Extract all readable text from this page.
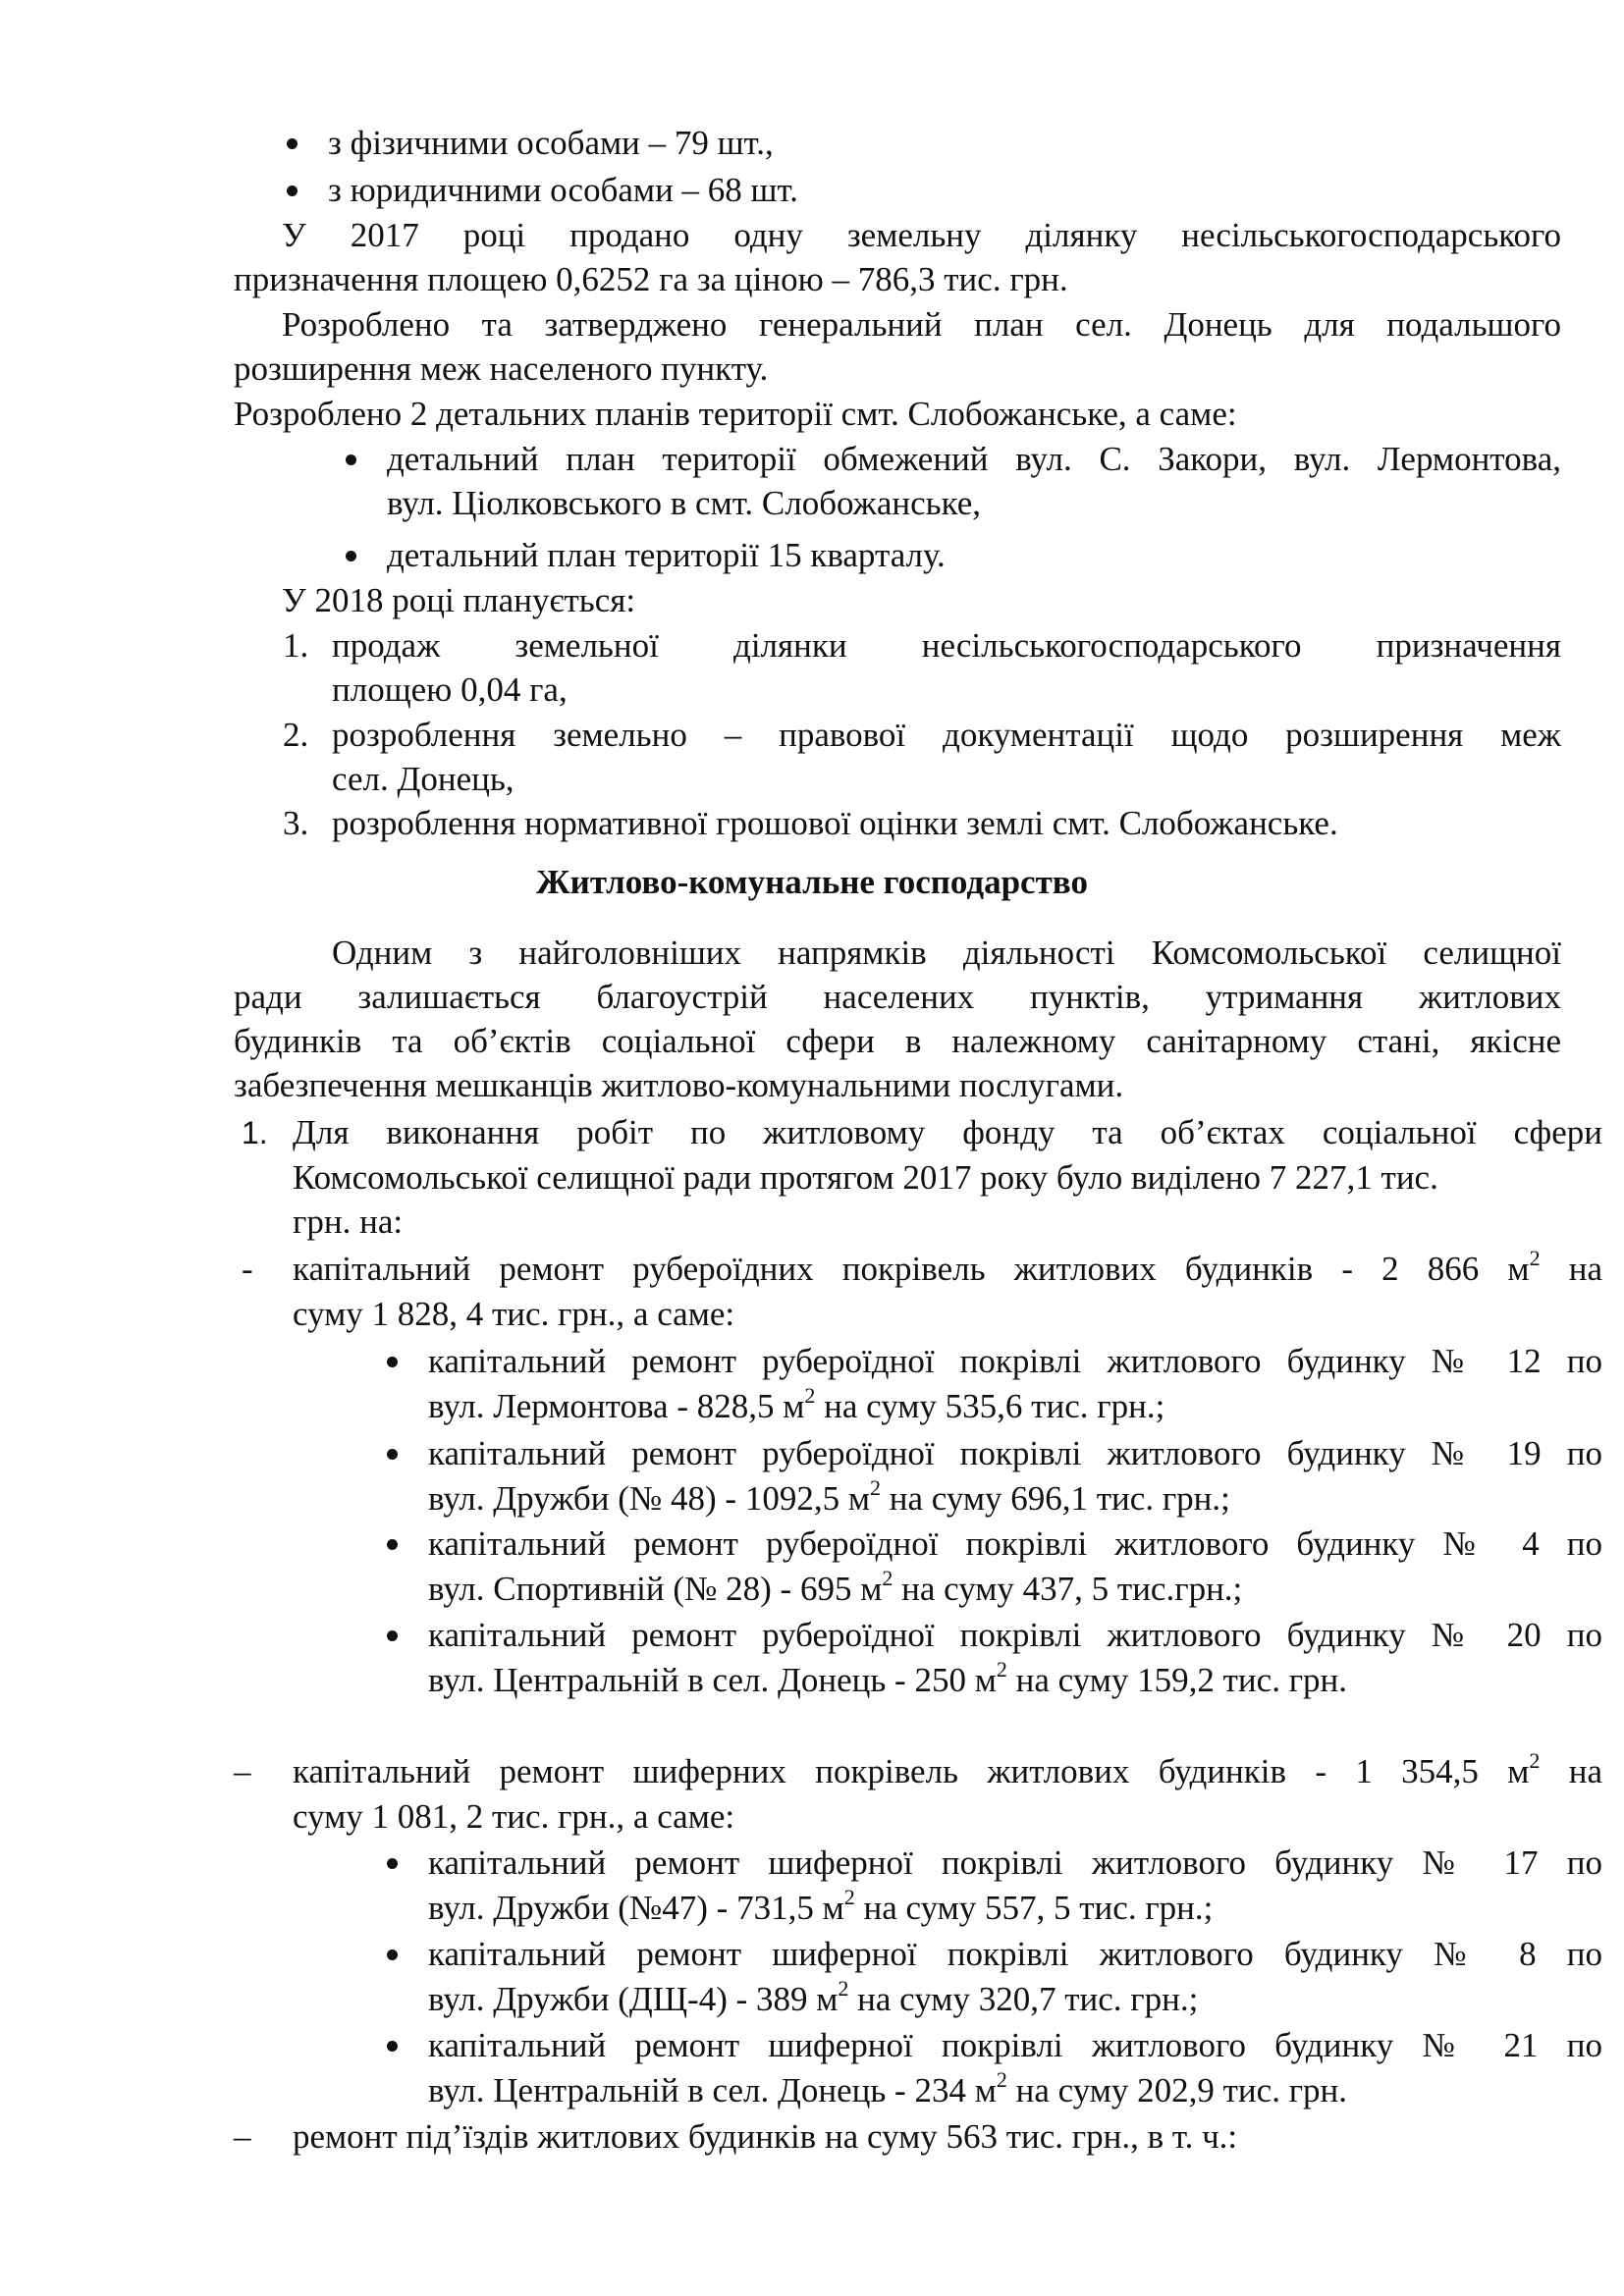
з фізичними особами – 79 шт.,
з юридичними особами – 68 шт.
У 2017 році продано одну земельну ділянку несільськогосподарського
призначення площею 0,6252 га за ціною – 786,3 тис. грн.
Розроблено та затверджено генеральний план сел. Донець для подальшого
розширення меж населеного пункту.
Розроблено 2 детальних планів території смт. Слобожанське, а саме:
детальний план території обмежений вул. С. Закори, вул. Лермонтова,
вул. Ціолковського в смт. Слобожанське,
детальний план території 15 кварталу.
У 2018 році планується:
1. продаж земельної ділянки несільськогосподарського призначення
площею 0,04 га,
2. розроблення земельно – правової документації щодо розширення меж
сел. Донець,
3. розроблення нормативної грошової оцінки землі смт. Слобожанське.
Житлово-комунальне господарство
Одним з найголовніших напрямків діяльності Комсомольської селищної
ради залишається благоустрій населених пунктів, утримання житлових
будинків та об’єктів соціальної сфери в належному санітарному стані, якісне
забезпечення мешканців житлово-комунальними послугами.
1. Для виконання робіт по житловому фонду та об’єктах соціальної сфери
Комсомольської селищної ради протягом 2017 року було виділено 7 227,1 тис.
грн. на:
- капітальний ремонт рубероїдних покрівель житлових будинків - 2 866 $м^2$ на
суму 1 828, 4 тис. грн., а саме:
капітальний ремонт рубероїдної покрівлі житлового будинку № 12 по
вул. Лермонтова - 828,5 $м^2$ на суму 535,6 тис. грн.;
капітальний ремонт рубероїдної покрівлі житлового будинку № 19 по
вул. Дружби (№ 48) - 1092,5 $м^2$ на суму 696,1 тис. грн.;
капітальний ремонт рубероїдної покрівлі житлового будинку № 4 по
вул. Спортивній (№ 28) - 695 $м^2$ на суму 437, 5 тис.грн.;
капітальний ремонт рубероїдної покрівлі житлового будинку № 20 по
вул. Центральній в сел. Донець - 250 $м^2$ на суму 159,2 тис. грн.
– капітальний ремонт шиферних покрівель житлових будинків - 1 354,5 $м^2$ на
суму 1 081, 2 тис. грн., а саме:
капітальний ремонт шиферної покрівлі житлового будинку № 17 по
вул. Дружби (№47) - 731,5 $м^2$ на суму 557, 5 тис. грн.;
капітальний ремонт шиферної покрівлі житлового будинку № 8 по
вул. Дружби (ДЩ-4) - 389 $м^2$ на суму 320,7 тис. грн.;
капітальний ремонт шиферної покрівлі житлового будинку № 21 по
вул. Центральній в сел. Донець - 234 $м^2$ на суму 202,9 тис. грн.
– ремонт під’їздів житлових будинків на суму 563 тис. грн., в т. ч.:
